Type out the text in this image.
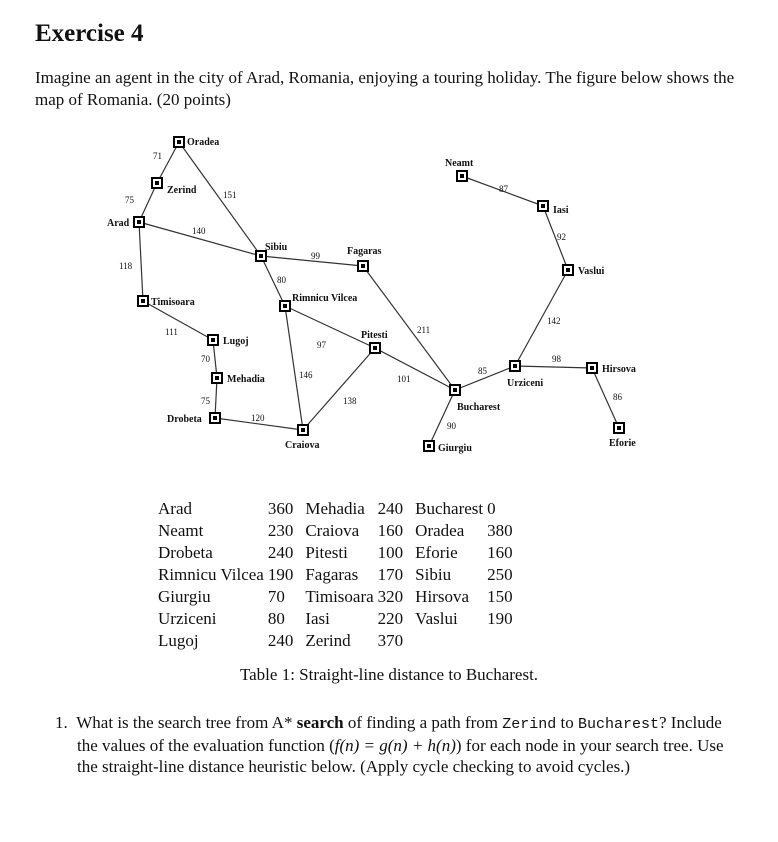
Exercise 4

Imagine an agent in the city of Arad, Romania, enjoying a touring holiday. The figure below shows the map of Romania. (20 points)

71
75	151
140
118
111
70
75
120
99
80
97
146
138
211
101
90
85
98
86
142
92
87
Oradea
Zerind
Arad
Timisoara
Lugoj
Mehadia
Drobeta
Craiova
Sibiu
Rimnicu Vilcea
Fagaras
Pitesti
Bucharest
Giurgiu
Urziceni
Hirsova
Eforie
Vaslui
Iasi
Neamt
Arad	360	Mehadia	240	Bucharest	0
Neamt	230	Craiova	160	Oradea	380
Drobeta	240	Pitesti	100	Eforie	160
Rimnicu Vilcea	190	Fagaras	170	Sibiu	250
Giurgiu	70	Timisoara	320	Hirsova	150
Urziceni	80	Iasi	220	Vaslui	190
Lugoj	240	Zerind	370		

Table 1: Straight-line distance to Bucharest.

1. What is the search tree from A* search of finding a path from Zerind to Bucharest? Include the values of the evaluation function (f(n) = g(n) + h(n)) for each node in your search tree. Use the straight-line distance heuristic below. (Apply cycle checking to avoid cycles.)
